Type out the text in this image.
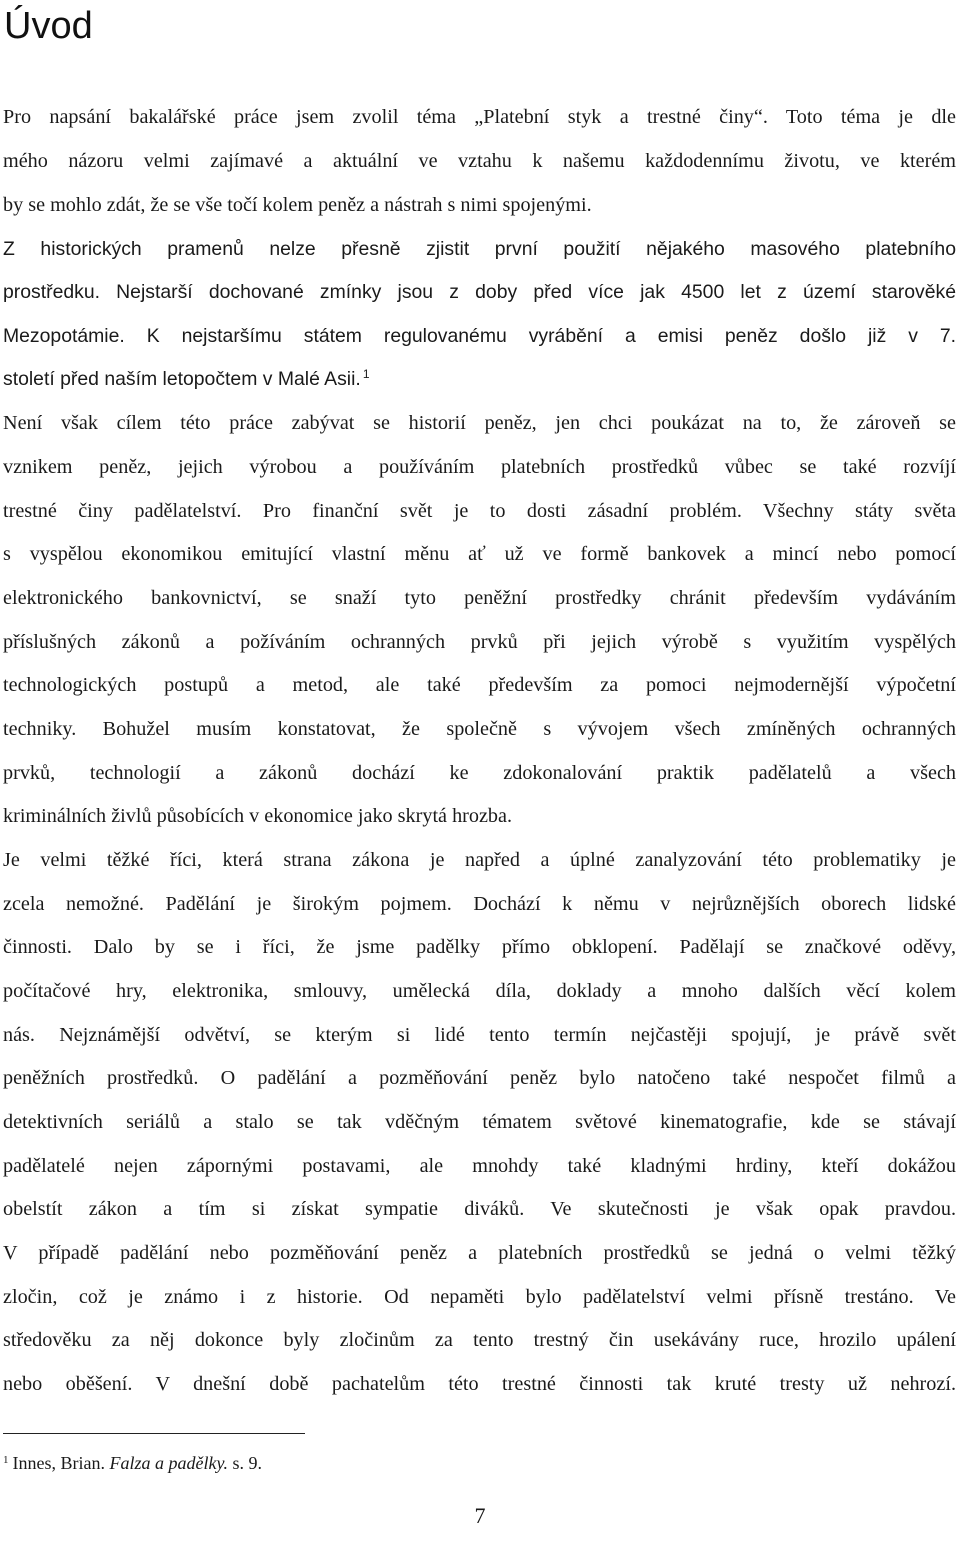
Úvod
Pro napsání bakalářské práce jsem zvolil téma „Platební styk a trestné činy“. Toto téma je dle
mého názoru velmi zajímavé a aktuální ve vztahu k našemu každodennímu životu, ve kterém
by se mohlo zdát, že se vše točí kolem peněz a nástrah s nimi spojenými.
Z historických pramenů nelze přesně zjistit první použití nějakého masového platebního
prostředku. Nejstarší dochované zmínky jsou z doby před více jak 4500 let z území starověké
Mezopotámie. K nejstaršímu státem regulovanému vyrábění a emisi peněz došlo již v 7.
století před naším letopočtem v Malé Asii. $^1$
Není však cílem této práce zabývat se historií peněz, jen chci poukázat na to, že zároveň se
vznikem peněz, jejich výrobou a používáním platebních prostředků vůbec se také rozvíjí
trestné činy padělatelství. Pro finanční svět je to dosti zásadní problém. Všechny státy světa
s vyspělou ekonomikou emitující vlastní měnu ať už ve formě bankovek a mincí nebo pomocí
elektronického bankovnictví, se snaží tyto peněžní prostředky chránit především vydáváním
příslušných zákonů a požíváním ochranných prvků při jejich výrobě s využitím vyspělých
technologických postupů a metod, ale také především za pomoci nejmodernější výpočetní
techniky. Bohužel musím konstatovat, že společně s vývojem všech zmíněných ochranných
prvků, technologií a zákonů dochází ke zdokonalování praktik padělatelů a všech
kriminálních živlů působících v ekonomice jako skrytá hrozba.
Je velmi těžké říci, která strana zákona je napřed a úplné zanalyzování této problematiky je
zcela nemožné. Padělání je širokým pojmem. Dochází k němu v nejrůznějších oborech lidské
činnosti. Dalo by se i říci, že jsme padělky přímo obklopení. Padělají se značkové oděvy,
počítačové hry, elektronika, smlouvy, umělecká díla, doklady a mnoho dalších věcí kolem
nás. Nejznámější odvětví, se kterým si lidé tento termín nejčastěji spojují, je právě svět
peněžních prostředků. O padělání a pozměňování peněz bylo natočeno také nespočet filmů a
detektivních seriálů a stalo se tak vděčným tématem světové kinematografie, kde se stávají
padělatelé nejen zápornými postavami, ale mnohdy také kladnými hrdiny, kteří dokážou
obelstít zákon a tím si získat sympatie diváků. Ve skutečnosti je však opak pravdou.
V případě padělání nebo pozměňování peněz a platebních prostředků se jedná o velmi těžký
zločin, což je známo i z historie. Od nepaměti bylo padělatelství velmi přísně trestáno. Ve
středověku za něj dokonce byly zločinům za tento trestný čin usekávány ruce, hrozilo upálení
nebo oběšení. V dnešní době pachatelům této trestné činnosti tak kruté tresty už nehrozí.
$^1$ Innes, Brian. Falza a padělky. s. 9.
7
